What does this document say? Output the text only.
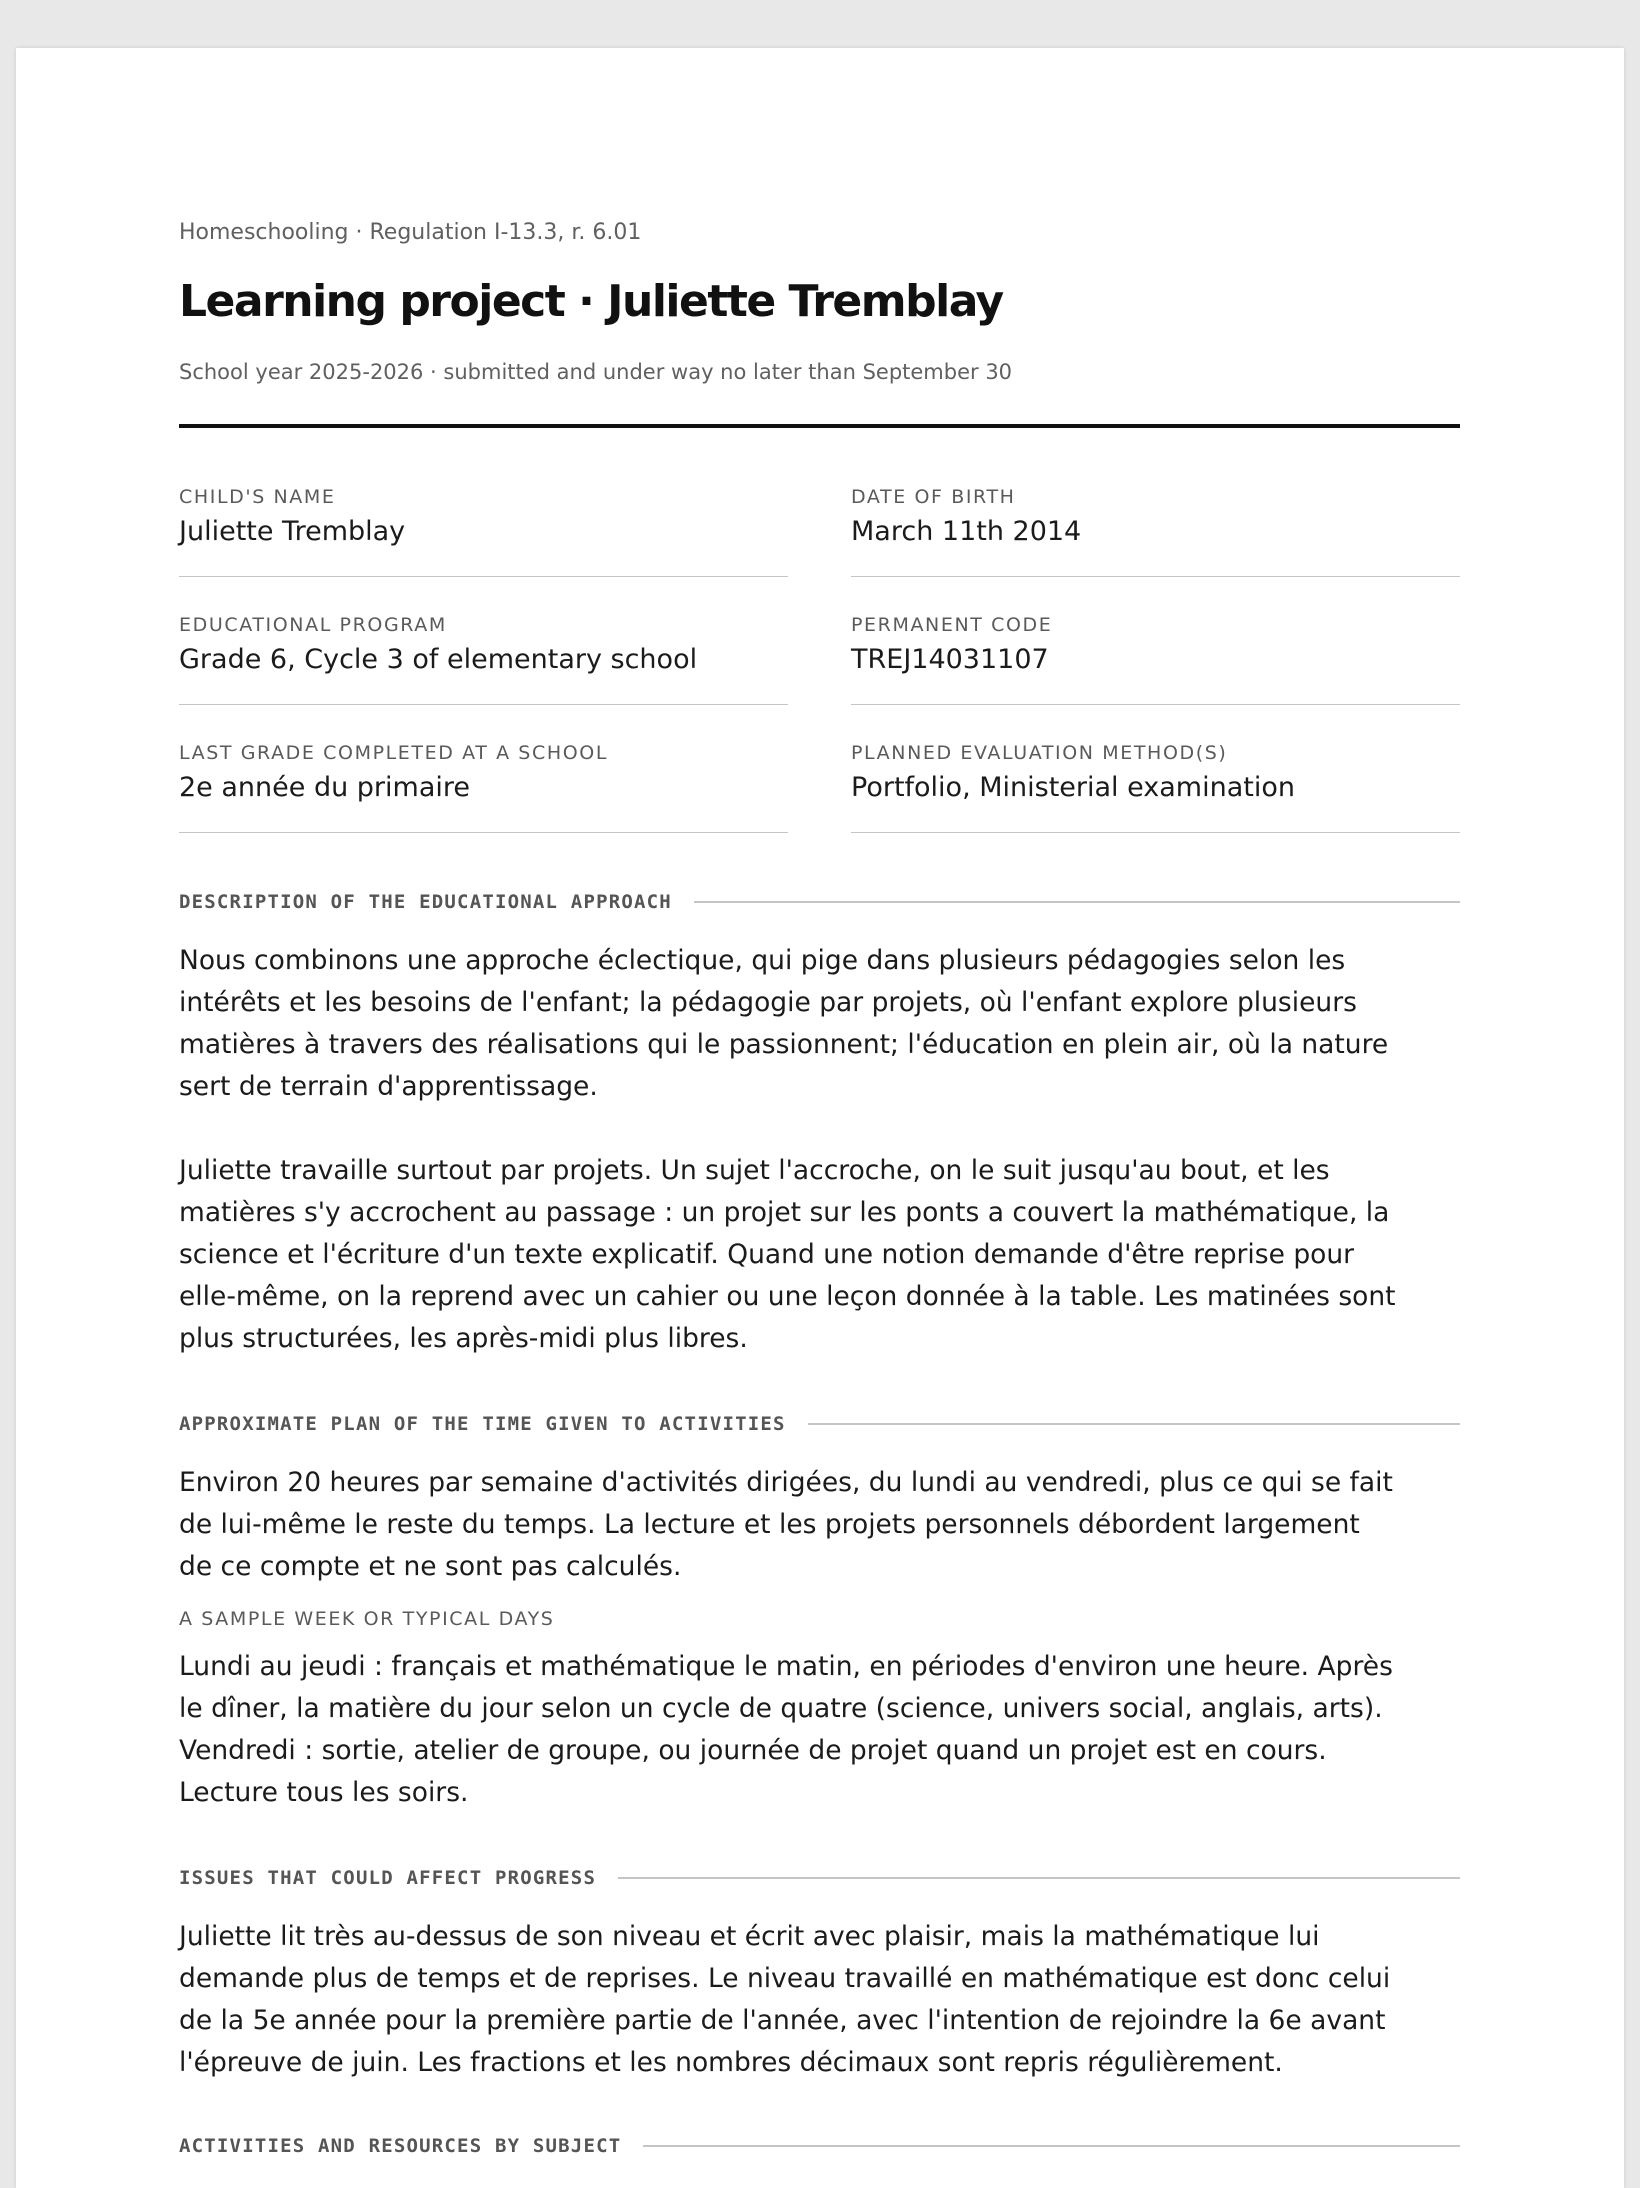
Homeschooling · Regulation I-13.3, r. 6.01
Learning project · Juliette Tremblay
School year 2025-2026 · submitted and under way no later than September 30
CHILD'S NAME
Juliette Tremblay
DATE OF BIRTH
March 11th 2014
EDUCATIONAL PROGRAM
Grade 6, Cycle 3 of elementary school
PERMANENT CODE
TREJ14031107
LAST GRADE COMPLETED AT A SCHOOL
2e année du primaire
PLANNED EVALUATION METHOD(S)
Portfolio, Ministerial examination
DESCRIPTION OF THE EDUCATIONAL APPROACH
Nous combinons une approche éclectique, qui pige dans plusieurs pédagogies selon les intérêts et les besoins de l'enfant; la pédagogie par projets, où l'enfant explore plusieurs matières à travers des réalisations qui le passionnent; l'éducation en plein air, où la nature sert de terrain d'apprentissage.
Juliette travaille surtout par projets. Un sujet l'accroche, on le suit jusqu'au bout, et les matières s'y accrochent au passage : un projet sur les ponts a couvert la mathématique, la science et l'écriture d'un texte explicatif. Quand une notion demande d'être reprise pour elle-même, on la reprend avec un cahier ou une leçon donnée à la table. Les matinées sont plus structurées, les après-midi plus libres.
APPROXIMATE PLAN OF THE TIME GIVEN TO ACTIVITIES
Environ 20 heures par semaine d'activités dirigées, du lundi au vendredi, plus ce qui se fait de lui-même le reste du temps. La lecture et les projets personnels débordent largement de ce compte et ne sont pas calculés.
A SAMPLE WEEK OR TYPICAL DAYS
Lundi au jeudi : français et mathématique le matin, en périodes d'environ une heure. Après le dîner, la matière du jour selon un cycle de quatre (science, univers social, anglais, arts). Vendredi : sortie, atelier de groupe, ou journée de projet quand un projet est en cours. Lecture tous les soirs.
ISSUES THAT COULD AFFECT PROGRESS
Juliette lit très au-dessus de son niveau et écrit avec plaisir, mais la mathématique lui demande plus de temps et de reprises. Le niveau travaillé en mathématique est donc celui de la 5e année pour la première partie de l'année, avec l'intention de rejoindre la 6e avant l'épreuve de juin. Les fractions et les nombres décimaux sont repris régulièrement.
ACTIVITIES AND RESOURCES BY SUBJECT
